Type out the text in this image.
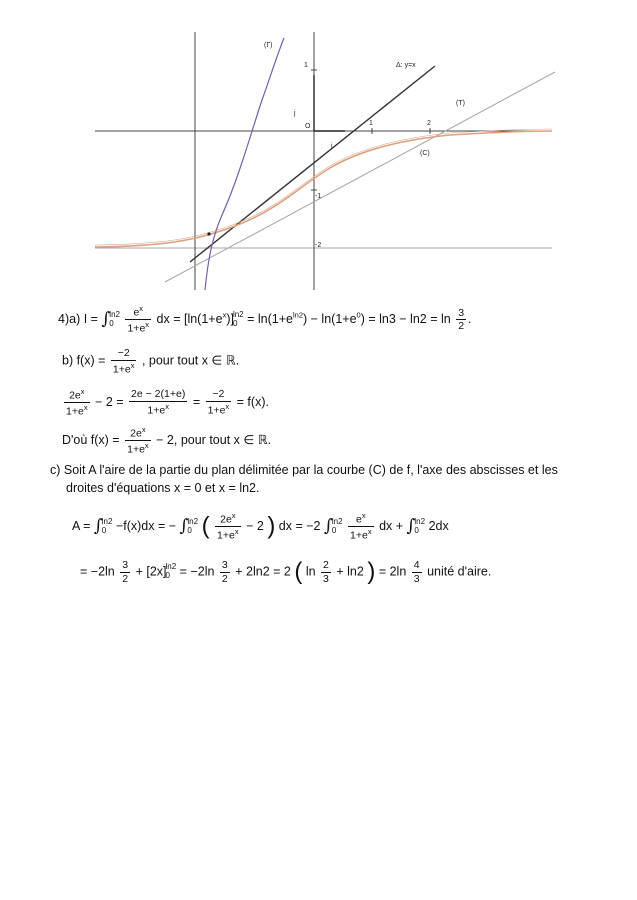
(Γ)
Δ: y=x
(T)
(C)
O	1	2
1
-1
-2
j
i
4)a) I = ∫ ln2
0
	$\frac{e^x}{1+e^x}$ dx = $[\ln(1+e^x)]$ ln2
$0 = \ln(1+e^{ln2}) - \ln(1+e^0) = \ln 3 - \ln 2 = \ln \frac{3}{2}$ .
b) $f(x) = \frac{-2}{1+e^x}$ , pour tout x ∈ ℝ.
$\frac{2e^x}{1+e^x} - 2 = \frac{2e - 2(1+e)}{1+e^x} = \frac{-2}{1+e^x} = f(x)$.
D'où $f(x) = \frac{2e^x}{1+e^x} - 2$, pour tout x ∈ ℝ.
c) Soit A l'aire de la partie du plan délimitée par la courbe (C) de f, l'axe des abscisses et les
droites d'équations x = 0 et x = ln2.
A = ∫ ln2
0 −f(x)dx = − ∫ ln2
0 ( $\frac{2e^x}{1+e^x} - 2$ ) dx = −2 ∫ ln2
0
	$\frac{e^x}{1+e^x}$ dx + ∫ ln2
0 2dx
= $-2\ln \frac{3}{2} + [2x]$ ln2
$0 = -2\ln \frac{3}{2} + 2\ln 2 = 2$ ( $\ln \frac{2}{3} + \ln 2$ ) = $2\ln \frac{4}{3}$ unité d'aire.
